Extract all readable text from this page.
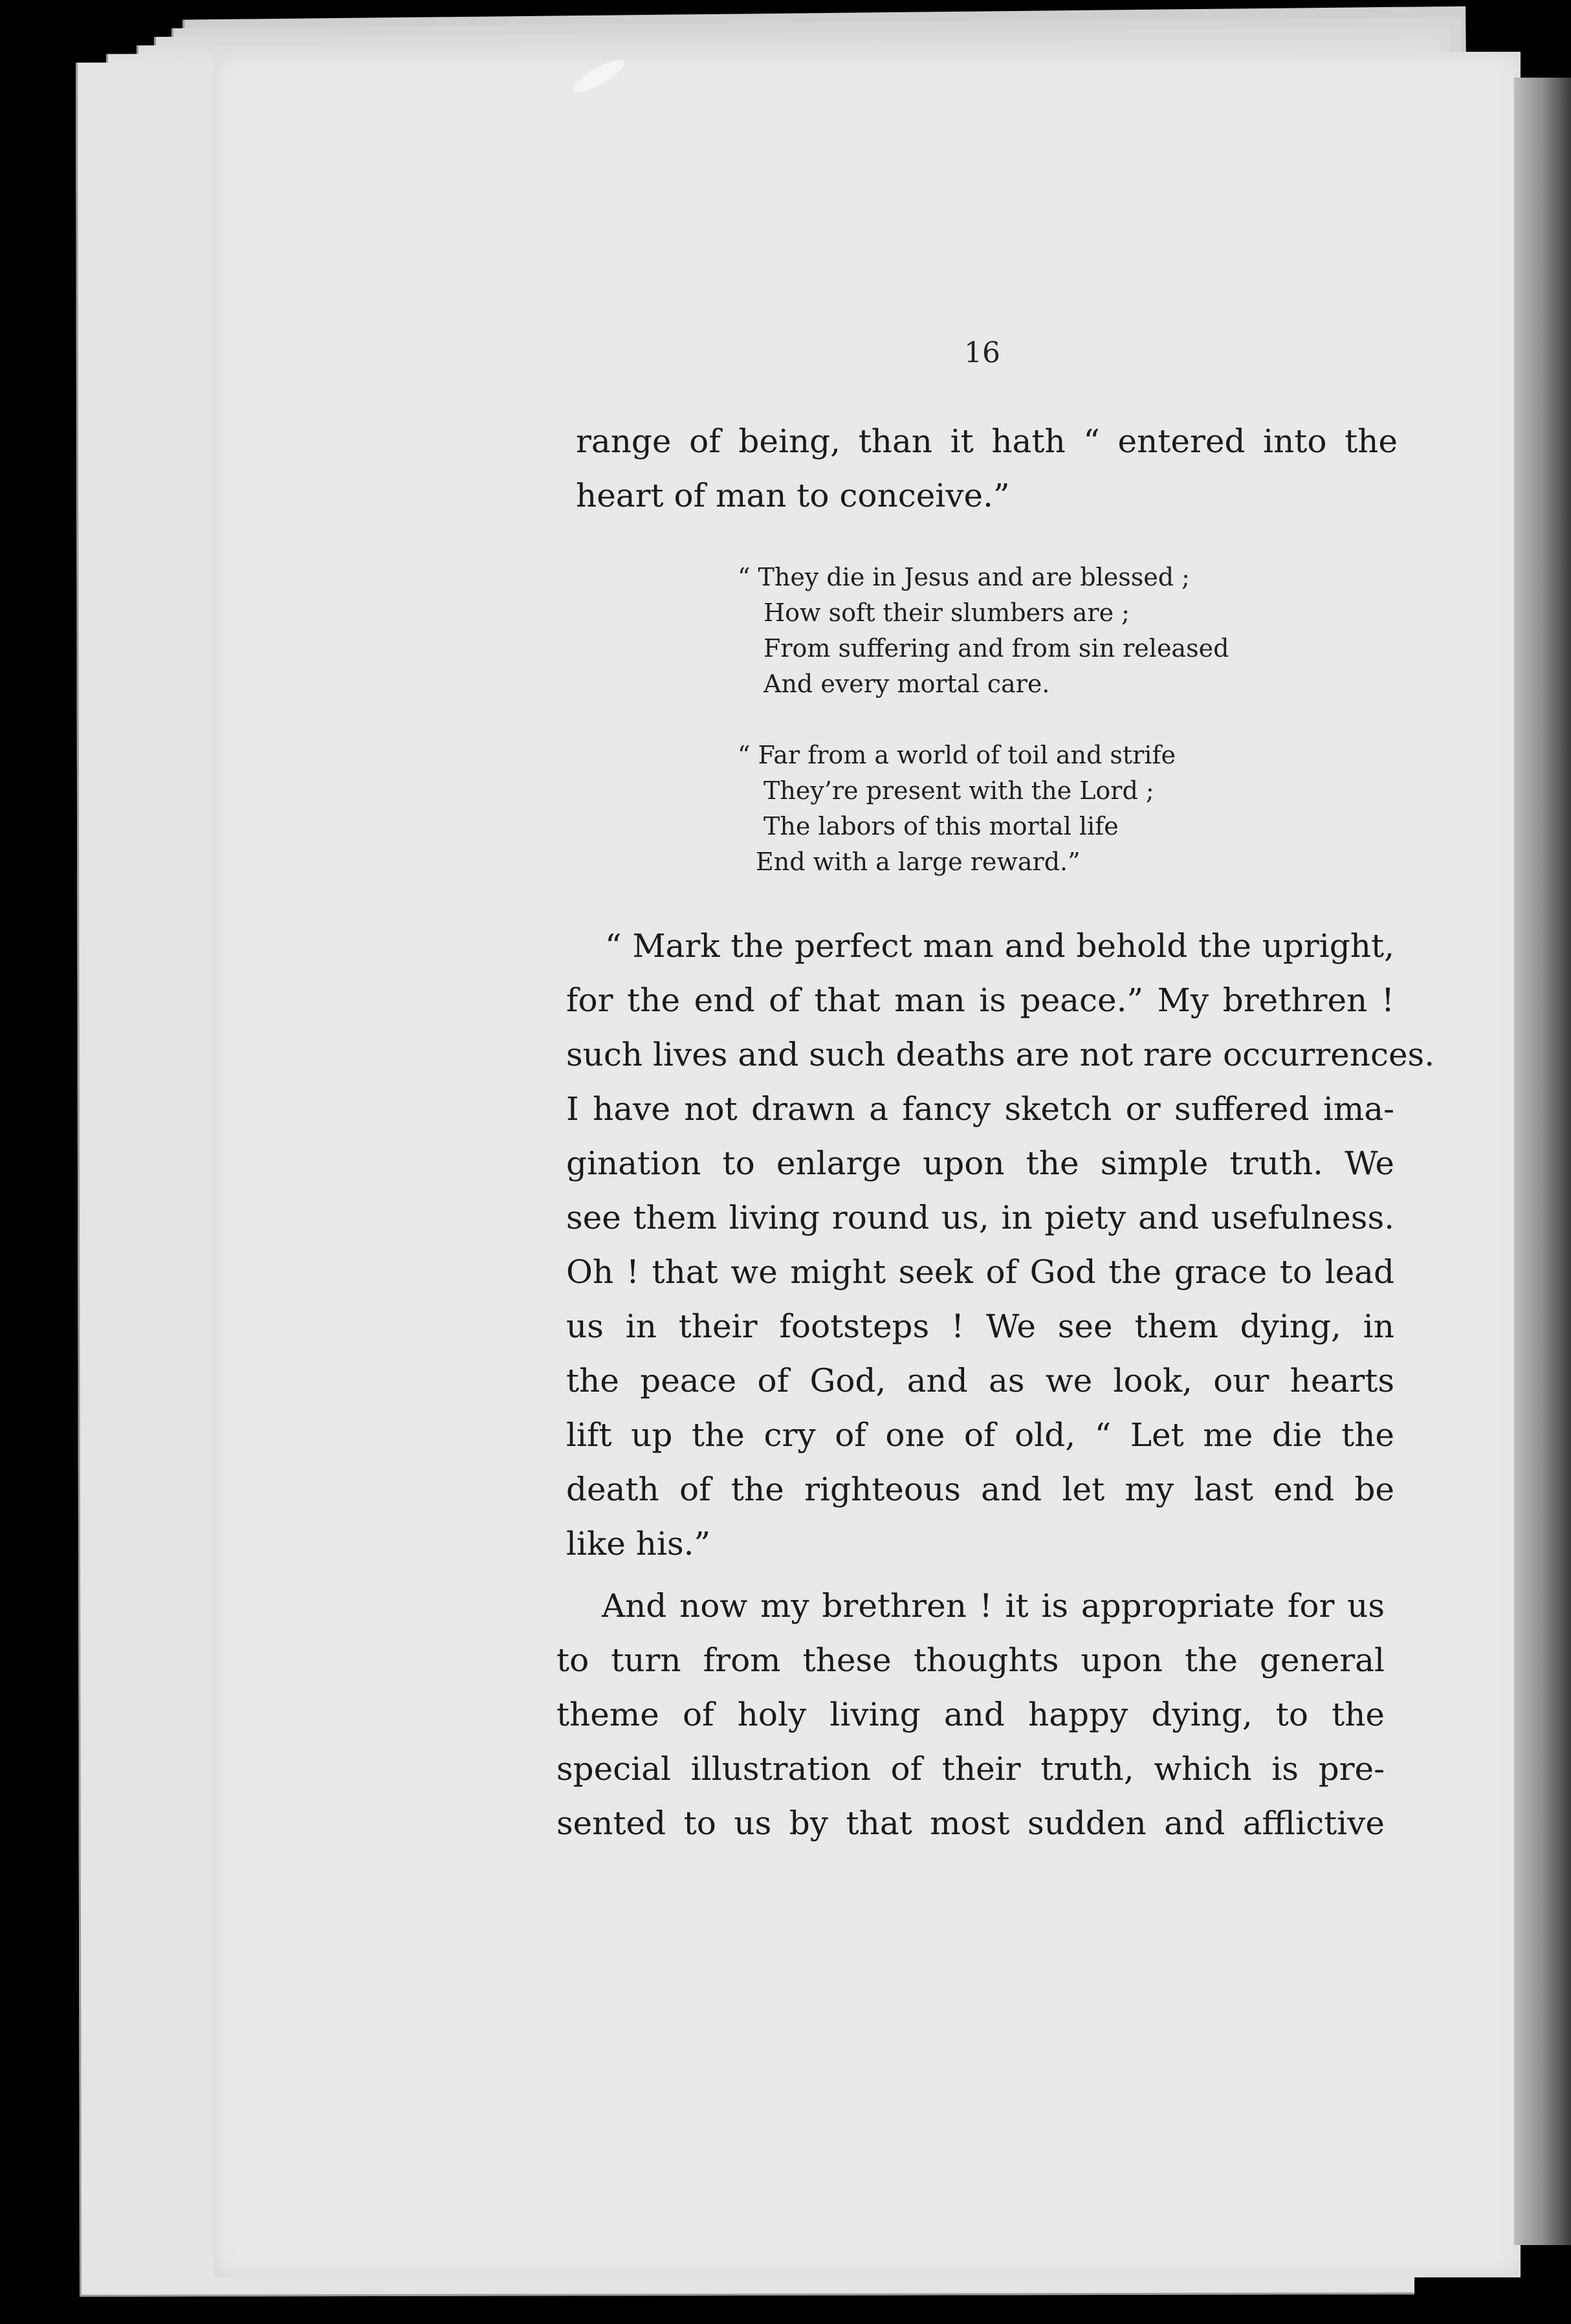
16
range of being, than it hath “ entered into the
heart of man to conceive.”
“ They die in Jesus and are blessed ;
How soft their slumbers are ;
From suffering and from sin released
And every mortal care.
“ Far from a world of toil and strife
They’re present with the Lord ;
The labors of this mortal life
End with a large reward.”
“ Mark the perfect man and behold the upright,
for the end of that man is peace.” My brethren !
such lives and such deaths are not rare occurrences.
I have not drawn a fancy sketch or suffered ima-
gination to enlarge upon the simple truth. We
see them living round us, in piety and usefulness.
Oh ! that we might seek of God the grace to lead
us in their footsteps ! We see them dying, in
the peace of God, and as we look, our hearts
lift up the cry of one of old, “ Let me die the
death of the righteous and let my last end be
like his.”
And now my brethren ! it is appropriate for us
to turn from these thoughts upon the general
theme of holy living and happy dying, to the
special illustration of their truth, which is pre-
sented to us by that most sudden and afflictive
